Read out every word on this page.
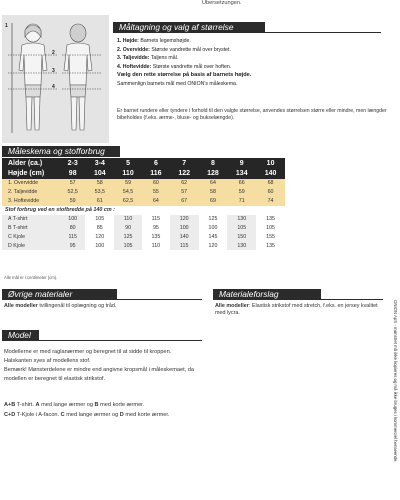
Ubersetzungen.
1
2
3
4
Måltagning og valg af størrelse
1. Højde: Barnets legemshøjde.
2. Overvidde: Største vandrette mål over brystet.
3. Taljevidde: Taljens mål.
4. Hoftevidde: Største vandrette mål over hoften.
Vælg den rette størrelse på basis af barnets højde.
Sammenlign barnets mål med ONION's måleskema.
Er barnet rundere eller tyndere i forhold til den valgte størrelse, anvendes størrelsen større eller mindre, men længder bibeholdes (f.eks. ærme-, bluse- og bukselængde).
Måleskema og stofforbrug
Alder (ca.)	2-3	3-4	5	6	7	8	9	10
Højde (cm)	98	104	110	116	122	128	134	140
1. Overvidde	57	58	59	60	62	64	66	68
2. Taljevidde	52,5	53,5	54,5	55	57	58	59	60
3. Hoftevidde	59	61	62,5	64	67	69	71	74
Stof forbrug ved en stofbredde på 140 cm :								
A T-shirt	100	105	110	115	120	125	130	135
B T-shirt	80	85	90	95	100	100	105	105
C Kjole	115	120	125	135	140	145	150	155
D Kjole	95	100	105	110	115	120	130	135
Alle mål er i centimeter (cm).
Øvrige materialer
Alle modeller tvillingenål til oplægning og tråd.
Materialeforslag
Alle modeller: Elastisk strikstof med stretch, f.eks. en jersey kvalitet med lycra.
Model
Modellerne er med raglanærmer og beregnet til at sidde til kroppen. Halskanten syes af modellens stof.
Bemærk! Mønsterdelene er mindre end angivne kropsmål i måleskemaet, da modellen er beregnet til elastisk strikstof.
A+B T-shirt. A med lange ærmer og B med korte ærmer.
C+D T-Kjole i A-facon. C med lange ærmer og D med korte ærmer.	ONION ApS - mønstret må ikke kopieres og må ikke bruges i kommerciel henseende.
